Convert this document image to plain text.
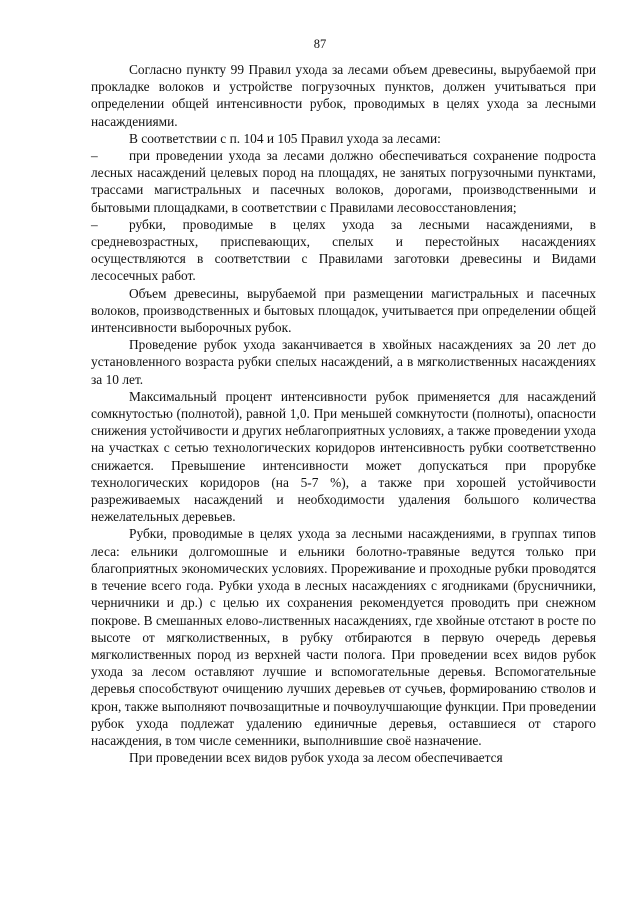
87

Согласно пункту 99 Правил ухода за лесами объем древесины, вырубаемой при прокладке волоков и устройстве погрузочных пунктов, должен учитываться при определении общей интенсивности рубок, проводимых в целях ухода за лесными насаждениями.

В соответствии с п. 104 и 105 Правил ухода за лесами:

– при проведении ухода за лесами должно обеспечиваться сохранение подроста лесных насаждений целевых пород на площадях, не занятых погрузочными пунктами, трассами магистральных и пасечных волоков, дорогами, производственными и бытовыми площадками, в соответствии с Правилами лесовосстановления;
– рубки, проводимые в целях ухода за лесными насаждениями, в средневозрастных, приспевающих, спелых и перестойных насаждениях осуществляются в соответствии с Правилами заготовки древесины и Видами лесосечных работ.

Объем древесины, вырубаемой при размещении магистральных и пасечных волоков, производственных и бытовых площадок, учитывается при определении общей интенсивности выборочных рубок.

Проведение рубок ухода заканчивается в хвойных насаждениях за 20 лет до установленного возраста рубки спелых насаждений, а в мягколиственных насаждениях за 10 лет.

Максимальный процент интенсивности рубок применяется для насаждений сомкнутостью (полнотой), равной 1,0. При меньшей сомкнутости (полноты), опасности снижения устойчивости и других неблагоприятных условиях, а также проведении ухода на участках с сетью технологических коридоров интенсивность рубки соответственно снижается. Превышение интенсивности может допускаться при прорубке технологических коридоров (на 5-7 %), а также при хорошей устойчивости разреживаемых насаждений и необходимости удаления большого количества нежелательных деревьев.

Рубки, проводимые в целях ухода за лесными насаждениями, в группах типов леса: ельники долгомошные и ельники болотно-травяные ведутся только при благоприятных экономических условиях. Прореживание и проходные рубки проводятся в течение всего года. Рубки ухода в лесных насаждениях с ягодниками (брусничники, черничники и др.) с целью их сохранения рекомендуется проводить при снежном покрове. В смешанных елово-лиственных насаждениях, где хвойные отстают в росте по высоте от мягколиственных, в рубку отбираются в первую очередь деревья мягколиственных пород из верхней части полога. При проведении всех видов рубок ухода за лесом оставляют лучшие и вспомогательные деревья. Вспомогательные деревья способствуют очищению лучших деревьев от сучьев, формированию стволов и крон, также выполняют почвозащитные и почвоулучшающие функции. При проведении рубок ухода подлежат удалению единичные деревья, оставшиеся от старого насаждения, в том числе семенники, выполнившие своё назначение.

При проведении всех видов рубок ухода за лесом обеспечивается
